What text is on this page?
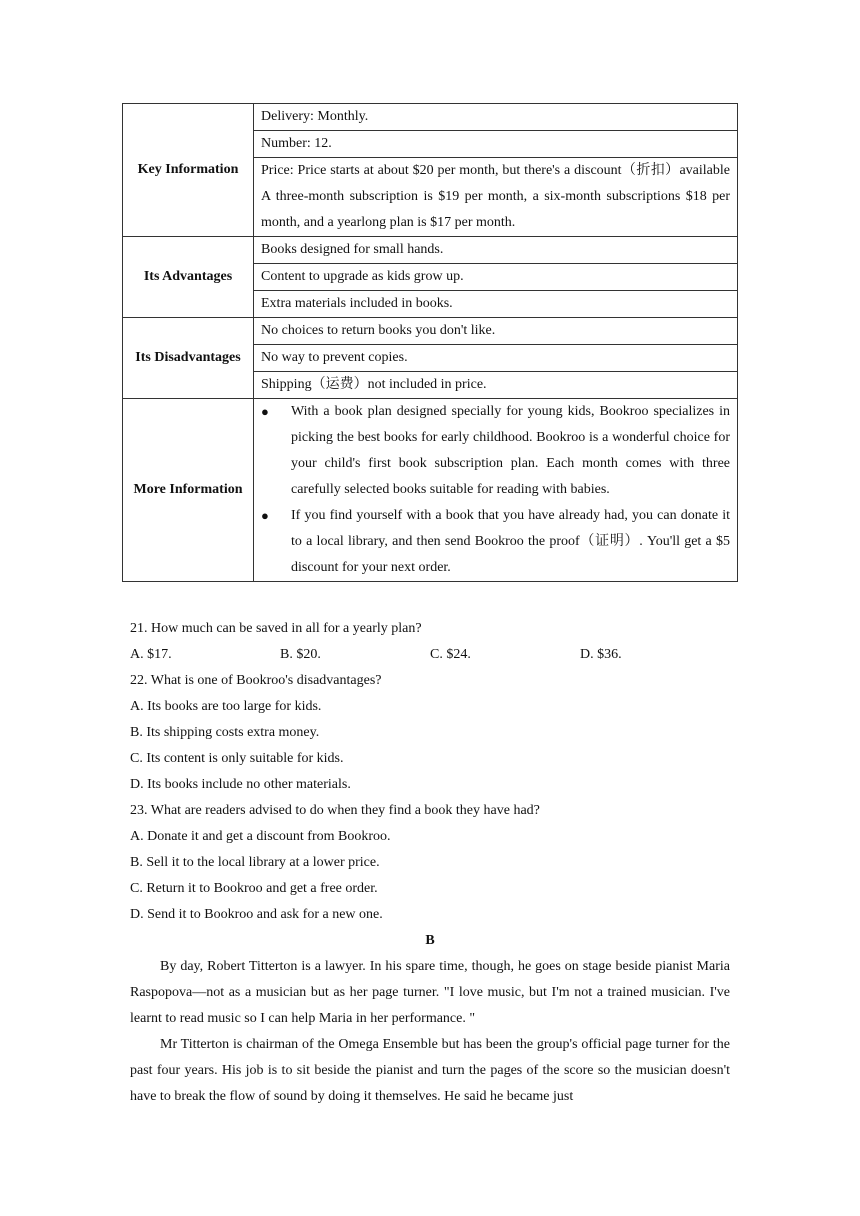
Key Information	Delivery: Monthly.
	Number: 12.
	Price: Price starts at about $20 per month, but there's a discount（折扣）available A three-month subscription is $19 per month, a six-month subscriptions $18 per month, and a yearlong plan is $17 per month.
Its Advantages	Books designed for small hands.
	Content to upgrade as kids grow up.
	Extra materials included in books.
Its Disadvantages	No choices to return books you don't like.
	No way to prevent copies.
	Shipping（运费）not included in price.
More Information	● With a book plan designed specially for young kids, Bookroo specializes in picking the best books for early childhood. Bookroo is a wonderful choice for your child's first book subscription plan. Each month comes with three carefully selected books suitable for reading with babies.
● If you find yourself with a book that you have already had, you can donate it to a local library, and then send Bookroo the proof（证明）. You'll get a $5 discount for your next order.
21. How much can be saved in all for a yearly plan?
A. $17.	B. $20.	C. $24.	D. $36.
22. What is one of Bookroo's disadvantages?
A. Its books are too large for kids.
B. Its shipping costs extra money.
C. Its content is only suitable for kids.
D. Its books include no other materials.
23. What are readers advised to do when they find a book they have had?
A. Donate it and get a discount from Bookroo.
B. Sell it to the local library at a lower price.
C. Return it to Bookroo and get a free order.
D. Send it to Bookroo and ask for a new one.
B
By day, Robert Titterton is a lawyer. In his spare time, though, he goes on stage beside pianist Maria Raspopova—not as a musician but as her page turner. "I love music, but I'm not a trained musician. I've learnt to read music so I can help Maria in her performance. "
Mr Titterton is chairman of the Omega Ensemble but has been the group's official page turner for the past four years. His job is to sit beside the pianist and turn the pages of the score so the musician doesn't have to break the flow of sound by doing it themselves. He said he became just
